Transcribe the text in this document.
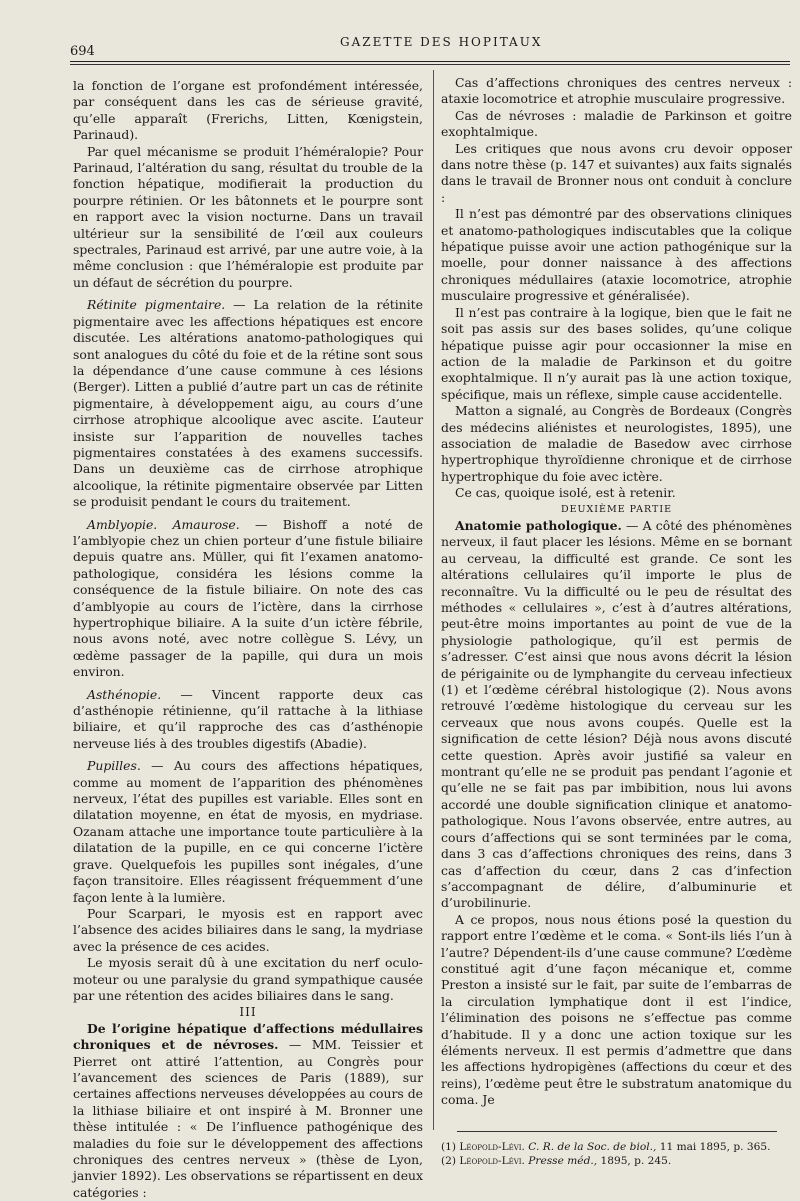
694
GAZETTE DES HOPITAUX

la fonction de l’organe est profondément intéressée, par conséquent dans les cas de sérieuse gravité, qu’elle apparaît (Frerichs, Litten, Kœnigstein, Parinaud).

Par quel mécanisme se produit l’héméralopie? Pour Parinaud, l’altération du sang, résultat du trouble de la fonction hépatique, modifierait la production du pourpre rétinien. Or les bâtonnets et le pourpre sont en rapport avec la vision nocturne. Dans un travail ultérieur sur la sensibilité de l’œil aux couleurs spectrales, Parinaud est arrivé, par une autre voie, à la même conclusion : que l’héméralopie est produite par un défaut de sécrétion du pourpre.

Rétinite pigmentaire. — La relation de la rétinite pigmentaire avec les affections hépatiques est encore discutée. Les altérations anatomo-pathologiques qui sont analogues du côté du foie et de la rétine sont sous la dépendance d’une cause commune à ces lésions (Berger). Litten a publié d’autre part un cas de rétinite pigmentaire, à développement aigu, au cours d’une cirrhose atrophique alcoolique avec ascite. L’auteur insiste sur l’apparition de nouvelles taches pigmentaires constatées à des examens successifs. Dans un deuxième cas de cirrhose atrophique alcoolique, la rétinite pigmentaire observée par Litten se produisit pendant le cours du traitement.

Amblyopie. Amaurose. — Bishoff a noté de l’amblyopie chez un chien porteur d’une fistule biliaire depuis quatre ans. Müller, qui fit l’examen anatomo-pathologique, considéra les lésions comme la conséquence de la fistule biliaire. On note des cas d’amblyopie au cours de l’ictère, dans la cirrhose hypertrophique biliaire. A la suite d’un ictère fébrile, nous avons noté, avec notre collègue S. Lévy, un œdème passager de la papille, qui dura un mois environ.

Asthénopie. — Vincent rapporte deux cas d’asthénopie rétinienne, qu’il rattache à la lithiase biliaire, et qu’il rapproche des cas d’asthénopie nerveuse liés à des troubles digestifs (Abadie).

Pupilles. — Au cours des affections hépatiques, comme au moment de l’apparition des phénomènes nerveux, l’état des pupilles est variable. Elles sont en dilatation moyenne, en état de myosis, en mydriase. Ozanam attache une importance toute particulière à la dilatation de la pupille, en ce qui concerne l’ictère grave. Quelquefois les pupilles sont inégales, d’une façon transitoire. Elles réagissent fréquemment d’une façon lente à la lumière.

Pour Scarpari, le myosis est en rapport avec l’absence des acides biliaires dans le sang, la mydriase avec la présence de ces acides.

Le myosis serait dû à une excitation du nerf oculo-moteur ou une paralysie du grand sympathique causée par une rétention des acides biliaires dans le sang.

III

De l’origine hépatique d’affections médullaires chroniques et de névroses. — MM. Teissier et Pierret ont attiré l’attention, au Congrès pour l’avancement des sciences de Paris (1889), sur certaines affections nerveuses développées au cours de la lithiase biliaire et ont inspiré à M. Bronner une thèse intitulée : « De l’influence pathogénique des maladies du foie sur le développement des affections chroniques des centres nerveux » (thèse de Lyon, janvier 1892). Les observations se répartissent en deux catégories :

Cas d’affections chroniques des centres nerveux : ataxie locomotrice et atrophie musculaire progressive.

Cas de névroses : maladie de Parkinson et goitre exophtalmique.

Les critiques que nous avons cru devoir opposer dans notre thèse (p. 147 et suivantes) aux faits signalés dans le travail de Bronner nous ont conduit à conclure :

Il n’est pas démontré par des observations cliniques et anatomo-pathologiques indiscutables que la colique hépatique puisse avoir une action pathogénique sur la moelle, pour donner naissance à des affections chroniques médullaires (ataxie locomotrice, atrophie musculaire progressive et généralisée).

Il n’est pas contraire à la logique, bien que le fait ne soit pas assis sur des bases solides, qu’une colique hépatique puisse agir pour occasionner la mise en action de la maladie de Parkinson et du goitre exophtalmique. Il n’y aurait pas là une action toxique, spécifique, mais un réflexe, simple cause accidentelle.

Matton a signalé, au Congrès de Bordeaux (Congrès des médecins aliénistes et neurologistes, 1895), une association de maladie de Basedow avec cirrhose hypertrophique thyroïdienne chronique et de cirrhose hypertrophique du foie avec ictère.

Ce cas, quoique isolé, est à retenir.

DEUXIÈME PARTIE

Anatomie pathologique. — A côté des phénomènes nerveux, il faut placer les lésions. Même en se bornant au cerveau, la difficulté est grande. Ce sont les altérations cellulaires qu’il importe le plus de reconnaître. Vu la difficulté ou le peu de résultat des méthodes « cellulaires », c’est à d’autres altérations, peut-être moins importantes au point de vue de la physiologie pathologique, qu’il est permis de s’adresser. C’est ainsi que nous avons décrit la lésion de périgainite ou de lymphangite du cerveau infectieux (1) et l’œdème cérébral histologique (2). Nous avons retrouvé l’œdème histologique du cerveau sur les cerveaux que nous avons coupés. Quelle est la signification de cette lésion? Déjà nous avons discuté cette question. Après avoir justifié sa valeur en montrant qu’elle ne se produit pas pendant l’agonie et qu’elle ne se fait pas par imbibition, nous lui avons accordé une double signification clinique et anatomo-pathologique. Nous l’avons observée, entre autres, au cours d’affections qui se sont terminées par le coma, dans 3 cas d’affections chroniques des reins, dans 3 cas d’affection du cœur, dans 2 cas d’infection s’accompagnant de délire, d’albuminurie et d’urobilinurie.

A ce propos, nous nous étions posé la question du rapport entre l’œdème et le coma. « Sont-ils liés l’un à l’autre? Dépendent-ils d’une cause commune? L’œdème constitué agit d’une façon mécanique et, comme Preston a insisté sur le fait, par suite de l’embarras de la circulation lymphatique dont il est l’indice, l’élimination des poisons ne s’effectue pas comme d’habitude. Il y a donc une action toxique sur les éléments nerveux. Il est permis d’admettre que dans les affections hydropigènes (affections du cœur et des reins), l’œdème peut être le substratum anatomique du coma. Je

(1) Léopold-Lévi. C. R. de la Soc. de biol., 11 mai 1895, p. 365.

(2) Léopold-Lévi. Presse méd., 1895, p. 245.
